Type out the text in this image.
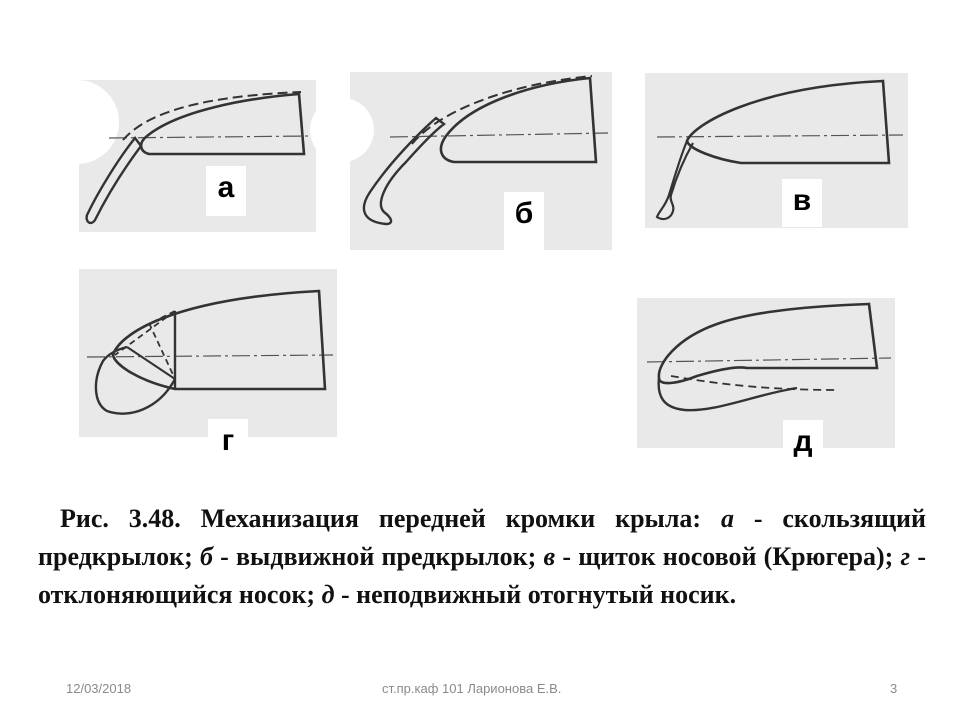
а
б	в
г	д
Рис. 3.48. Механизация передней кромки крыла: а - скользящий предкрылок; б - выдвижной предкрылок; в - щиток носовой (Крюгера); г - отклоняющийся носок; д - неподвижный отогнутый носик.
12/03/2018	ст.пр.каф 101 Ларионова Е.В.	3
